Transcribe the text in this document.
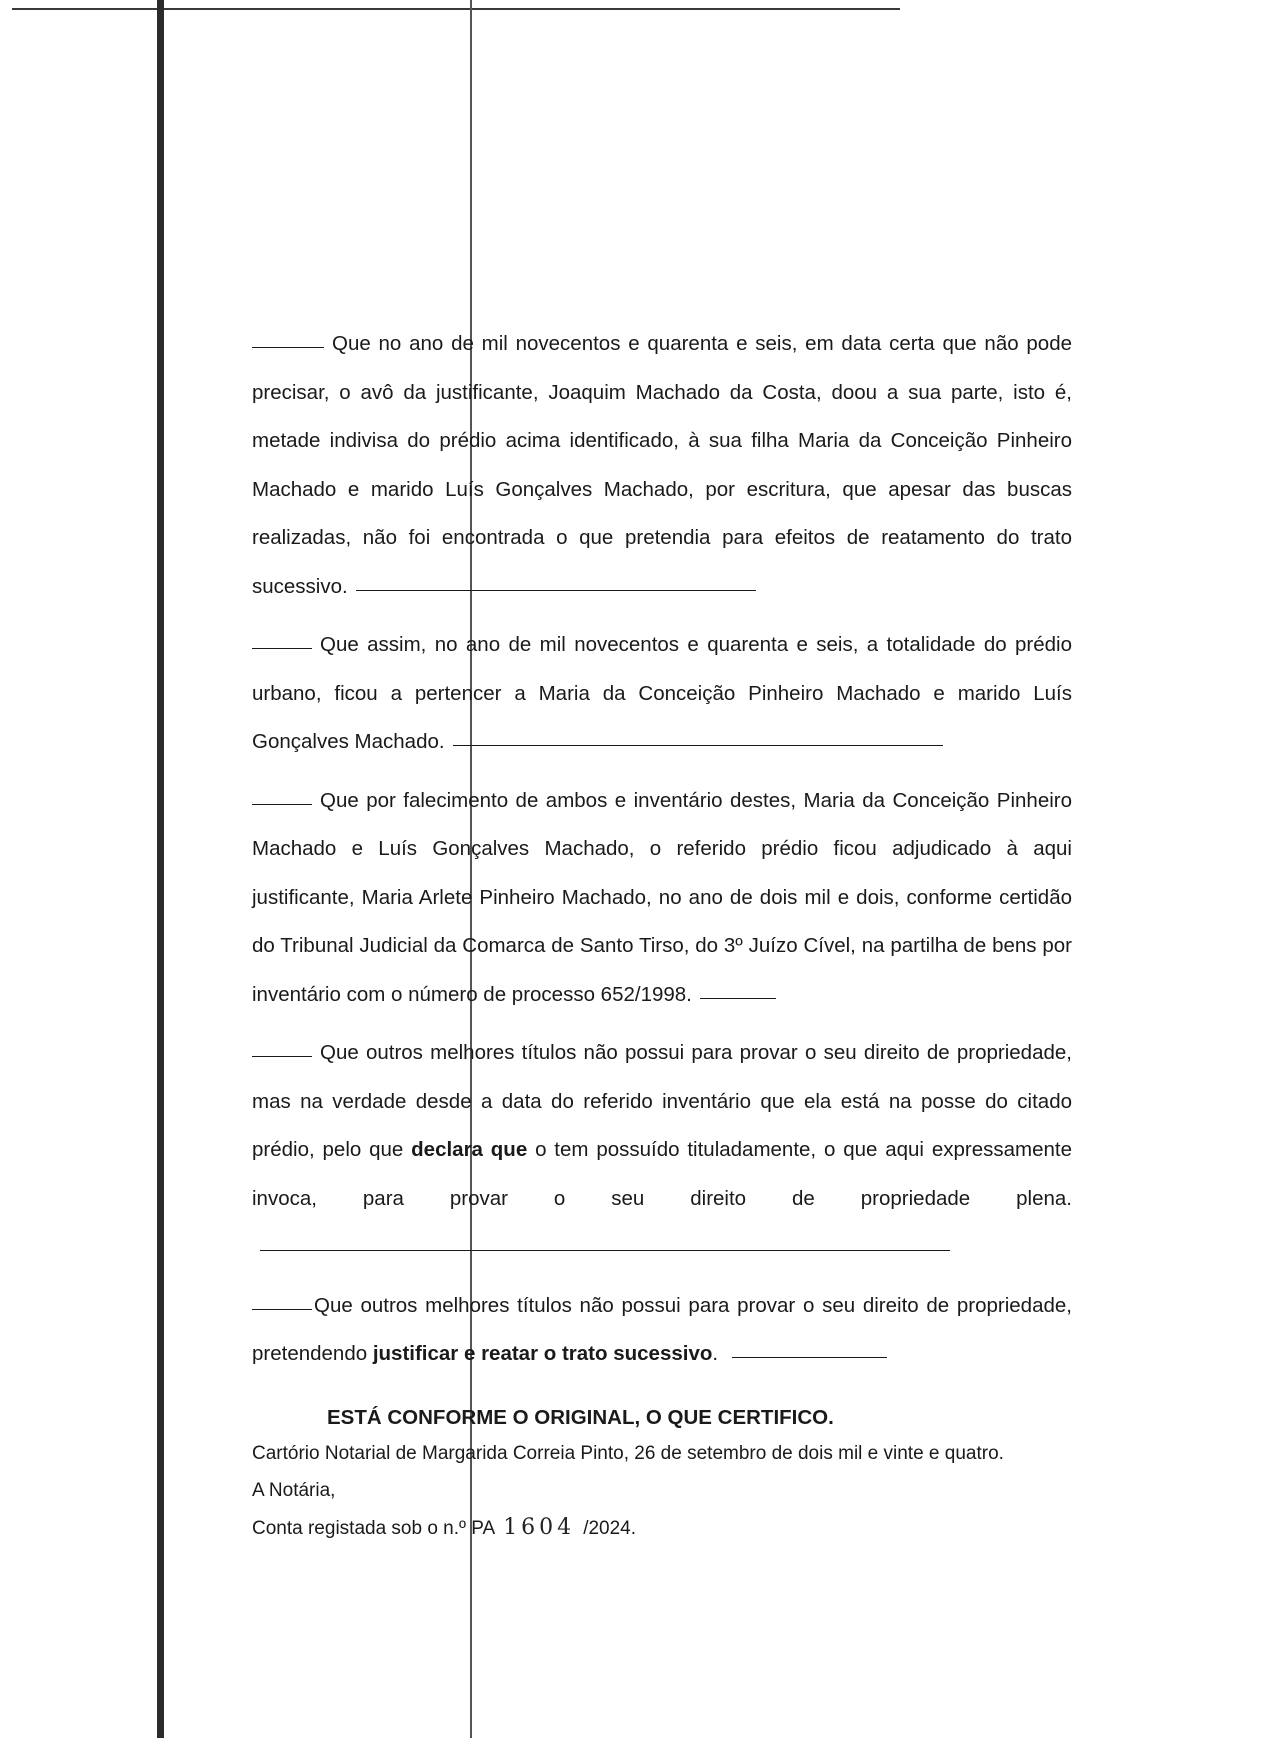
Que no ano de mil novecentos e quarenta e seis, em data certa que não pode precisar, o avô da justificante, Joaquim Machado da Costa, doou a sua parte, isto é, metade indivisa do prédio acima identificado, à sua filha Maria da Conceição Pinheiro Machado e marido Luís Gonçalves Machado, por escritura, que apesar das buscas realizadas, não foi encontrada o que pretendia para efeitos de reatamento do trato sucessivo.

Que assim, no ano de mil novecentos e quarenta e seis, a totalidade do prédio urbano, ficou a pertencer a Maria da Conceição Pinheiro Machado e marido Luís Gonçalves Machado.

Que por falecimento de ambos e inventário destes, Maria da Conceição Pinheiro Machado e Luís Gonçalves Machado, o referido prédio ficou adjudicado à aqui justificante, Maria Arlete Pinheiro Machado, no ano de dois mil e dois, conforme certidão do Tribunal Judicial da Comarca de Santo Tirso, do 3º Juízo Cível, na partilha de bens por inventário com o número de processo 652/1998.

Que outros melhores títulos não possui para provar o seu direito de propriedade, mas na verdade desde a data do referido inventário que ela está na posse do citado prédio, pelo que declara que o tem possuído tituladamente, o que aqui expressamente invoca, para provar o seu direito de propriedade plena.

Que outros melhores títulos não possui para provar o seu direito de propriedade, pretendendo justificar e reatar o trato sucessivo.

ESTÁ CONFORME O ORIGINAL, O QUE CERTIFICO.

Cartório Notarial de Margarida Correia Pinto, 26 de setembro de dois mil e vinte e quatro.

A Notária,

Conta registada sob o n.º PA 1604 /2024.
